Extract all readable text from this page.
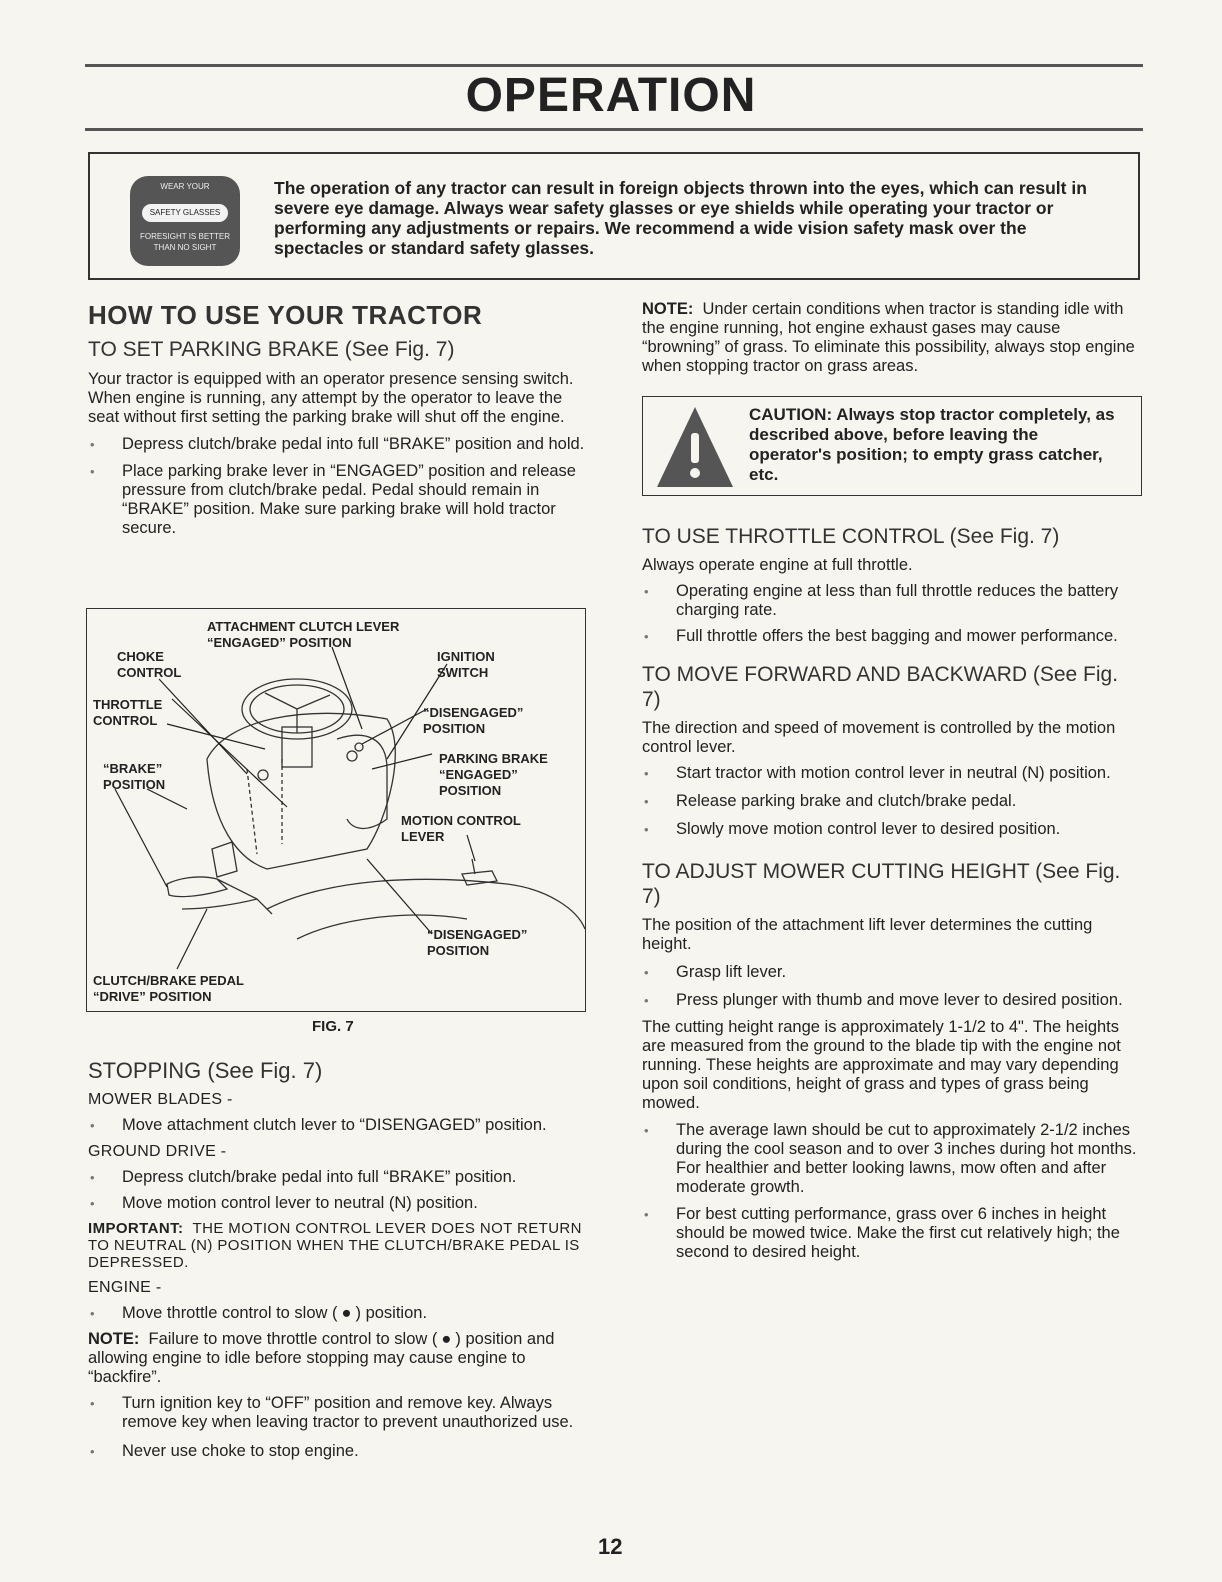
OPERATION
WEAR YOUR
SAFETY GLASSES
FORESIGHT IS BETTER
THAN NO SIGHT

The operation of any tractor can result in foreign objects thrown into the eyes, which can result in severe eye damage. Always wear safety glasses or eye shields while operating your tractor or performing any adjustments or repairs. We recommend a wide vision safety mask over the spectacles or standard safety glasses.

HOW TO USE YOUR TRACTOR
TO SET PARKING BRAKE (See Fig. 7)

Your tractor is equipped with an operator presence sensing switch. When engine is running, any attempt by the operator to leave the seat without first setting the parking brake will shut off the engine.

• Depress clutch/brake pedal into full “BRAKE” position and hold.

• Place parking brake lever in “ENGAGED” position and release pressure from clutch/brake pedal. Pedal should remain in “BRAKE” position. Make sure parking brake will hold tractor secure.

ATTACHMENT CLUTCH LEVER
“ENGAGED” POSITION
CHOKE
CONTROL
IGNITION
SWITCH
THROTTLE
CONTROL
“DISENGAGED”
POSITION
“BRAKE”
POSITION
PARKING BRAKE
“ENGAGED”
POSITION
MOTION CONTROL
LEVER
“DISENGAGED”
POSITION
CLUTCH/BRAKE PEDAL
“DRIVE” POSITION
FIG. 7
STOPPING (See Fig. 7)

MOWER BLADES -

• Move attachment clutch lever to “DISENGAGED” position.

GROUND DRIVE -

• Depress clutch/brake pedal into full “BRAKE” position.

• Move motion control lever to neutral (N) position.

IMPORTANT: THE MOTION CONTROL LEVER DOES NOT RETURN TO NEUTRAL (N) POSITION WHEN THE CLUTCH/BRAKE PEDAL IS DEPRESSED.

ENGINE -

• Move throttle control to slow ( ● ) position.

NOTE: Failure to move throttle control to slow ( ● ) position and allowing engine to idle before stopping may cause engine to “backfire”.

• Turn ignition key to “OFF” position and remove key. Always remove key when leaving tractor to prevent unauthorized use.

• Never use choke to stop engine.

NOTE: Under certain conditions when tractor is standing idle with the engine running, hot engine exhaust gases may cause “browning” of grass. To eliminate this possibility, always stop engine when stopping tractor on grass areas.

CAUTION: Always stop tractor completely, as described above, before leaving the operator's position; to empty grass catcher, etc.

TO USE THROTTLE CONTROL (See Fig. 7)

Always operate engine at full throttle.

• Operating engine at less than full throttle reduces the battery charging rate.

• Full throttle offers the best bagging and mower performance.

TO MOVE FORWARD AND BACKWARD (See Fig. 7)

The direction and speed of movement is controlled by the motion control lever.

• Start tractor with motion control lever in neutral (N) position.

• Release parking brake and clutch/brake pedal.

• Slowly move motion control lever to desired position.

TO ADJUST MOWER CUTTING HEIGHT (See Fig. 7)

The position of the attachment lift lever determines the cutting height.

• Grasp lift lever.

• Press plunger with thumb and move lever to desired position.

The cutting height range is approximately 1-1/2 to 4". The heights are measured from the ground to the blade tip with the engine not running. These heights are approximate and may vary depending upon soil conditions, height of grass and types of grass being mowed.

• The average lawn should be cut to approximately 2-1/2 inches during the cool season and to over 3 inches during hot months. For healthier and better looking lawns, mow often and after moderate growth.

• For best cutting performance, grass over 6 inches in height should be mowed twice. Make the first cut relatively high; the second to desired height.

12
